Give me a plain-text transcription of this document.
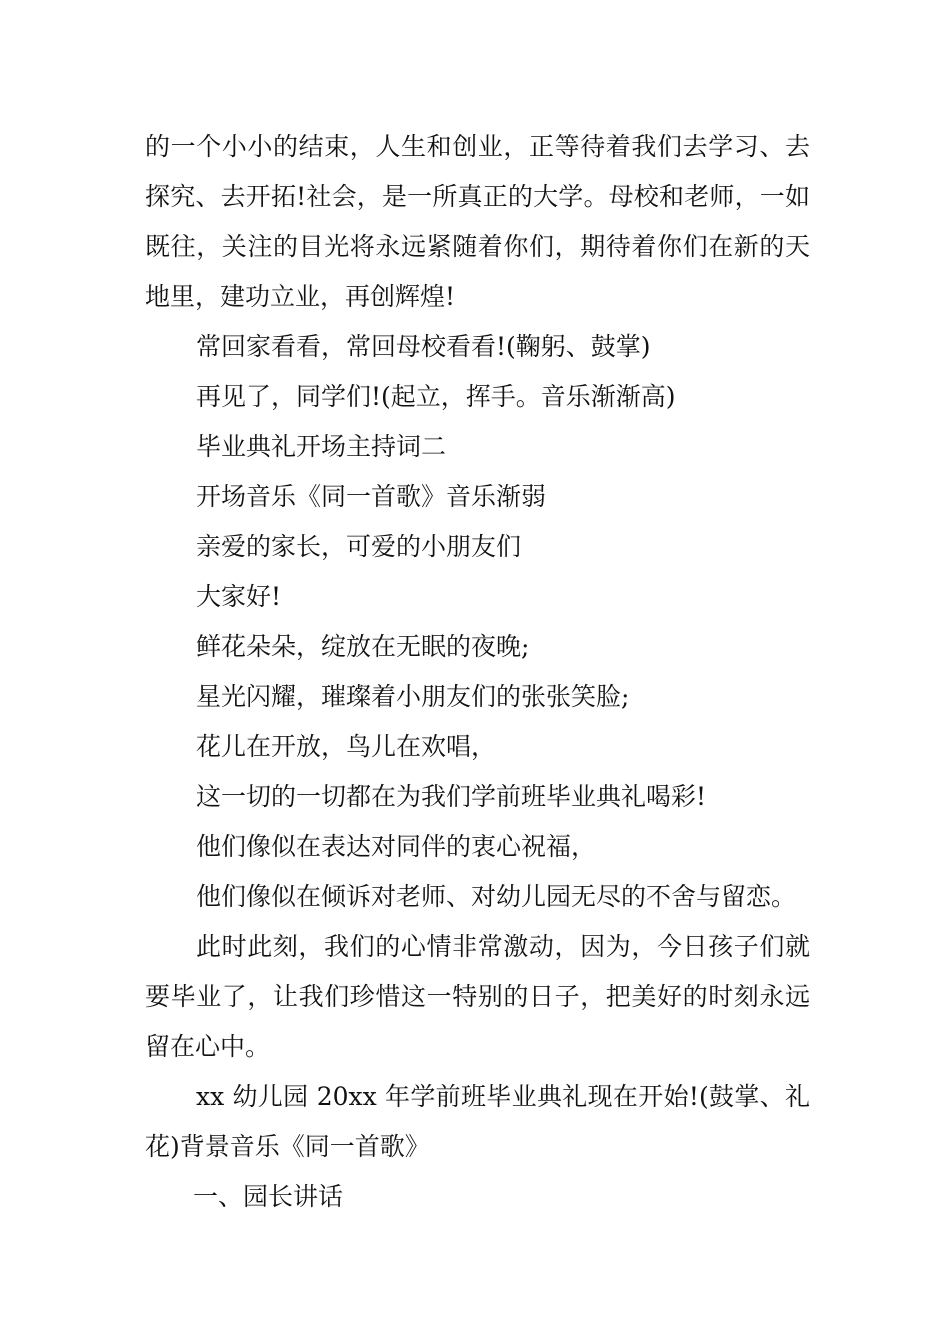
的一个小小的结束，人生和创业，正等待着我们去学习、去探究、去开拓!社会，是一所真正的大学。母校和老师，一如既往，关注的目光将永远紧随着你们，期待着你们在新的天地里，建功立业，再创辉煌!

常回家看看，常回母校看看!(鞠躬、鼓掌)

再见了，同学们!(起立，挥手。音乐渐渐高)

毕业典礼开场主持词二

开场音乐《同一首歌》音乐渐弱

亲爱的家长，可爱的小朋友们

大家好!

鲜花朵朵，绽放在无眠的夜晚;

星光闪耀，璀璨着小朋友们的张张笑脸;

花儿在开放，鸟儿在欢唱，

这一切的一切都在为我们学前班毕业典礼喝彩!

他们像似在表达对同伴的衷心祝福，

他们像似在倾诉对老师、对幼儿园无尽的不舍与留恋。

此时此刻，我们的心情非常激动，因为，今日孩子们就要毕业了，让我们珍惜这一特别的日子，把美好的时刻永远留在心中。

xx 幼儿园 20xx 年学前班毕业典礼现在开始!(鼓掌、礼花)背景音乐《同一首歌》

一、园长讲话
